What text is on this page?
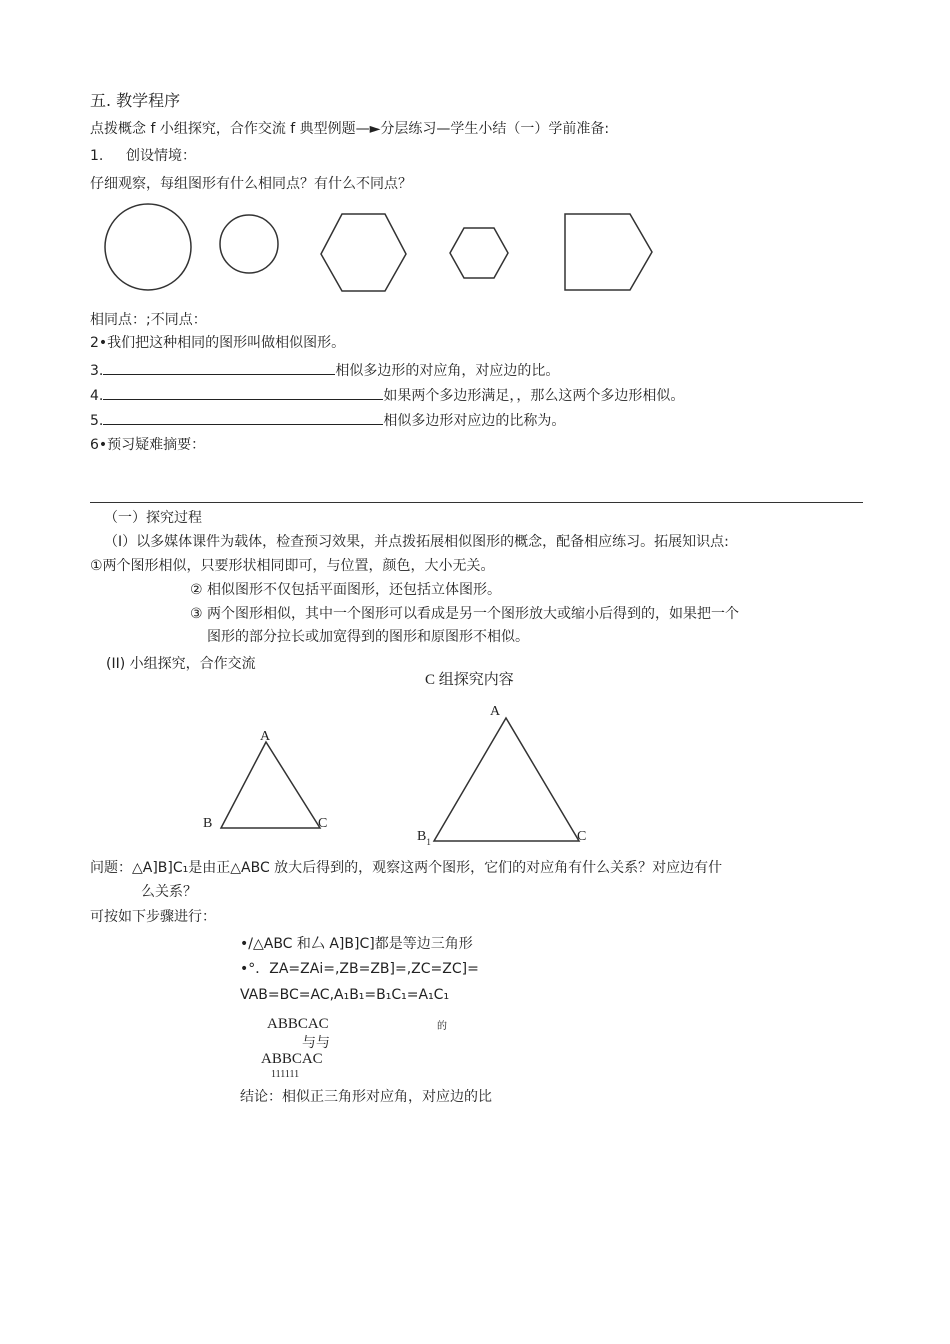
五. 教学程序
点拨概念 f 小组探究，合作交流 f 典型例题—►分层练习—学生小结（一）学前准备:
1. 创设情境：
仔细观察，每组图形有什么相同点？有什么不同点？
相同点：;不同点：
2•我们把这种相同的图形叫做相似图形。
3.	相似多边形的对应角，对应边的比。
4.	如果两个多边形满足，，那么这两个多边形相似。
5.	相似多边形对应边的比称为。
6•预习疑难摘要：
（一）探究过程
（I）以多媒体课件为载体，检查预习效果，并点拨拓展相似图形的概念，配备相应练习。拓展知识点:
①两个图形相似，只要形状相同即可，与位置，颜色，大小无关。
② 相似图形不仅包括平面图形，还包括立体图形。
③ 两个图形相似，其中一个图形可以看成是另一个图形放大或缩小后得到的，如果把一个
图形的部分拉长或加宽得到的图形和原图形不相似。
(II) 小组探究，合作交流
C 组探究内容
A
B	C
A
$B_1$	C
问题：△A]B]C₁是由正△ABC 放大后得到的，观察这两个图形，它们的对应角有什么关系？对应边有什
么关系？
可按如下步骤进行：
•/△ABC 和厶 A]B]C]都是等边三角形
•°．ZA=ZAi=,ZB=ZB]=,ZC=ZC]=
VAB=BC=AC,A₁B₁=B₁C₁=A₁C₁
ABBCAC	的
与与
ABBCAC
111111
结论：相似正三角形对应角，对应边的比
